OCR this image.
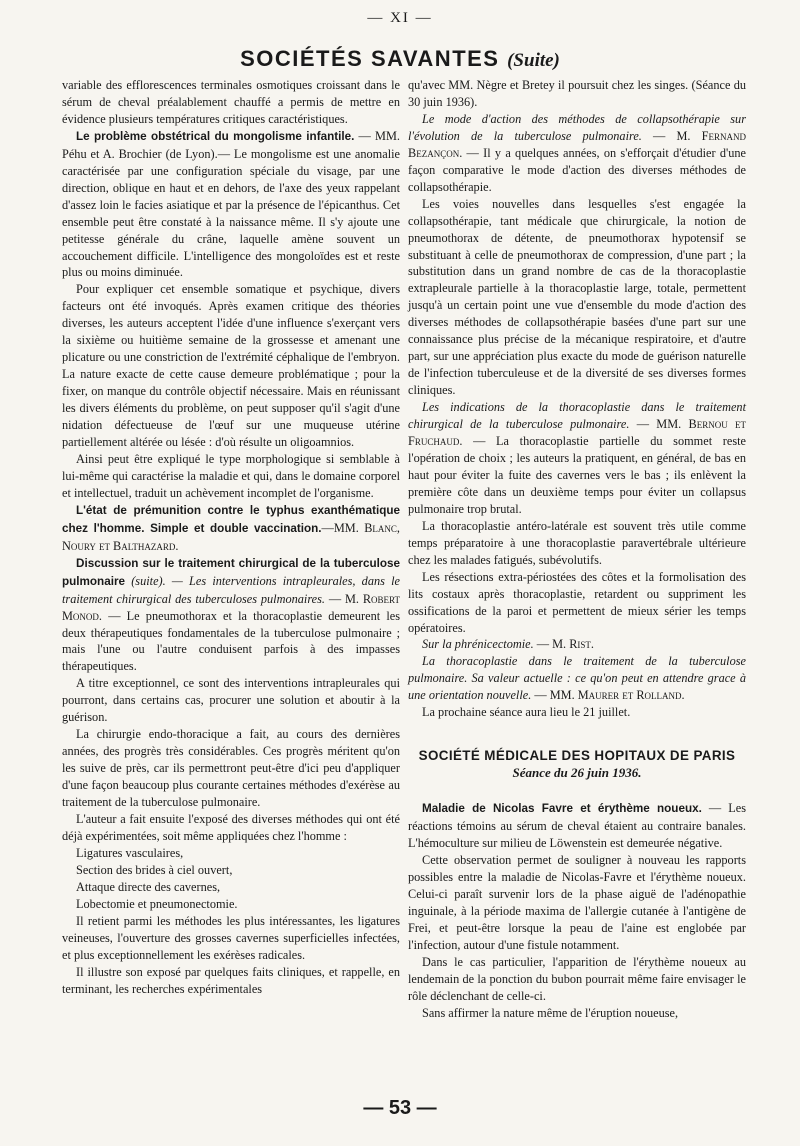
— XI —
SOCIÉTÉS SAVANTES (Suite)

variable des efflorescences terminales osmotiques croissant dans le sérum de cheval préalablement chauffé a permis de mettre en évidence plusieurs températures critiques caractéristiques.

Le problème obstétrical du mongolisme infantile. — MM. Péhu et A. Brochier (de Lyon).— Le mongolisme est une anomalie caractérisée par une configuration spéciale du visage, par une direction, oblique en haut et en dehors, de l'axe des yeux rappelant d'assez loin le facies asiatique et par la présence de l'épicanthus. Cet ensemble peut être constaté à la naissance même. Il s'y ajoute une petitesse générale du crâne, laquelle amène souvent un accouchement difficile. L'intelligence des mongoloïdes est et reste plus ou moins diminuée.

Pour expliquer cet ensemble somatique et psychique, divers facteurs ont été invoqués. Après examen critique des théories diverses, les auteurs acceptent l'idée d'une influence s'exerçant vers la sixième ou huitième semaine de la grossesse et amenant une plicature ou une constriction de l'extrémité céphalique de l'embryon. La nature exacte de cette cause demeure problématique ; pour la fixer, on manque du contrôle objectif nécessaire. Mais en réunissant les divers éléments du problème, on peut supposer qu'il s'agit d'une nidation défectueuse de l'œuf sur une muqueuse utérine partiellement altérée ou lésée : d'où résulte un oligoamnios.

Ainsi peut être expliqué le type morphologique si semblable à lui-même qui caractérise la maladie et qui, dans le domaine corporel et intellectuel, traduit un achèvement incomplet de l'organisme.

L'état de prémunition contre le typhus exanthématique chez l'homme. Simple et double vaccination.—MM. Blanc, Noury et Balthazard.

Discussion sur le traitement chirurgical de la tuberculose pulmonaire (suite). — Les interventions intrapleurales, dans le traitement chirurgical des tuberculoses pulmonaires. — M. Robert Monod. — Le pneumothorax et la thoracoplastie demeurent les deux thérapeutiques fondamentales de la tuberculose pulmonaire ; mais l'une ou l'autre conduisent parfois à des impasses thérapeutiques.

A titre exceptionnel, ce sont des interventions intrapleurales qui pourront, dans certains cas, procurer une solution et aboutir à la guérison.

La chirurgie endo-thoracique a fait, au cours des dernières années, des progrès très considérables. Ces progrès méritent qu'on les suive de près, car ils permettront peut-être d'ici peu d'appliquer d'une façon beaucoup plus courante certaines méthodes d'exérèse au traitement de la tuberculose pulmonaire.

L'auteur a fait ensuite l'exposé des diverses méthodes qui ont été déjà expérimentées, soit même appliquées chez l'homme :

Ligatures vasculaires,

Section des brides à ciel ouvert,

Attaque directe des cavernes,

Lobectomie et pneumonectomie.

Il retient parmi les méthodes les plus intéressantes, les ligatures veineuses, l'ouverture des grosses cavernes superficielles infectées, et plus exceptionnellement les exérèses radicales.

Il illustre son exposé par quelques faits cliniques, et rappelle, en terminant, les recherches expérimentales

qu'avec MM. Nègre et Bretey il poursuit chez les singes. (Séance du 30 juin 1936).

Le mode d'action des méthodes de collapsothérapie sur l'évolution de la tuberculose pulmonaire. — M. Fernand Bezançon. — Il y a quelques années, on s'efforçait d'étudier d'une façon comparative le mode d'action des diverses méthodes de collapsothérapie.

Les voies nouvelles dans lesquelles s'est engagée la collapsothérapie, tant médicale que chirurgicale, la notion de pneumothorax de détente, de pneumothorax hypotensif se substituant à celle de pneumothorax de compression, d'une part ; la substitution dans un grand nombre de cas de la thoracoplastie extrapleurale partielle à la thoracoplastie large, totale, permettent jusqu'à un certain point une vue d'ensemble du mode d'action des diverses méthodes de collapsothérapie basées d'une part sur une connaissance plus précise de la mécanique respiratoire, et d'autre part, sur une appréciation plus exacte du mode de guérison naturelle de l'infection tuberculeuse et de la diversité de ses diverses formes cliniques.

Les indications de la thoracoplastie dans le traitement chirurgical de la tuberculose pulmonaire. — MM. Bernou et Fruchaud. — La thoracoplastie partielle du sommet reste l'opération de choix ; les auteurs la pratiquent, en général, de bas en haut pour éviter la fuite des cavernes vers le bas ; ils enlèvent la première côte dans un deuxième temps pour éviter un collapsus pulmonaire trop brutal.

La thoracoplastie antéro-latérale est souvent très utile comme temps préparatoire à une thoracoplastie paravertébrale ultérieure chez les malades fatigués, subévolutifs.

Les résections extra-périostées des côtes et la formolisation des lits costaux après thoracoplastie, retardent ou suppriment les ossifications de la paroi et permettent de mieux sérier les temps opératoires.

Sur la phrénicectomie. — M. Rist.

La thoracoplastie dans le traitement de la tuberculose pulmonaire. Sa valeur actuelle : ce qu'on peut en attendre grace à une orientation nouvelle. — MM. Maurer et Rolland.

La prochaine séance aura lieu le 21 juillet.

SOCIÉTÉ MÉDICALE DES HOPITAUX DE PARIS
Séance du 26 juin 1936.

Maladie de Nicolas Favre et érythème noueux. — Les réactions témoins au sérum de cheval étaient au contraire banales. L'hémoculture sur milieu de Löwenstein est demeurée négative.

Cette observation permet de souligner à nouveau les rapports possibles entre la maladie de Nicolas-Favre et l'érythème noueux. Celui-ci paraît survenir lors de la phase aiguë de l'adénopathie inguinale, à la période maxima de l'allergie cutanée à l'antigène de Frei, et peut-être lorsque la peau de l'aine est englobée par l'infection, autour d'une fistule notamment.

Dans le cas particulier, l'apparition de l'érythème noueux au lendemain de la ponction du bubon pourrait même faire envisager le rôle déclenchant de celle-ci.

Sans affirmer la nature même de l'éruption noueuse,

— 53 —
